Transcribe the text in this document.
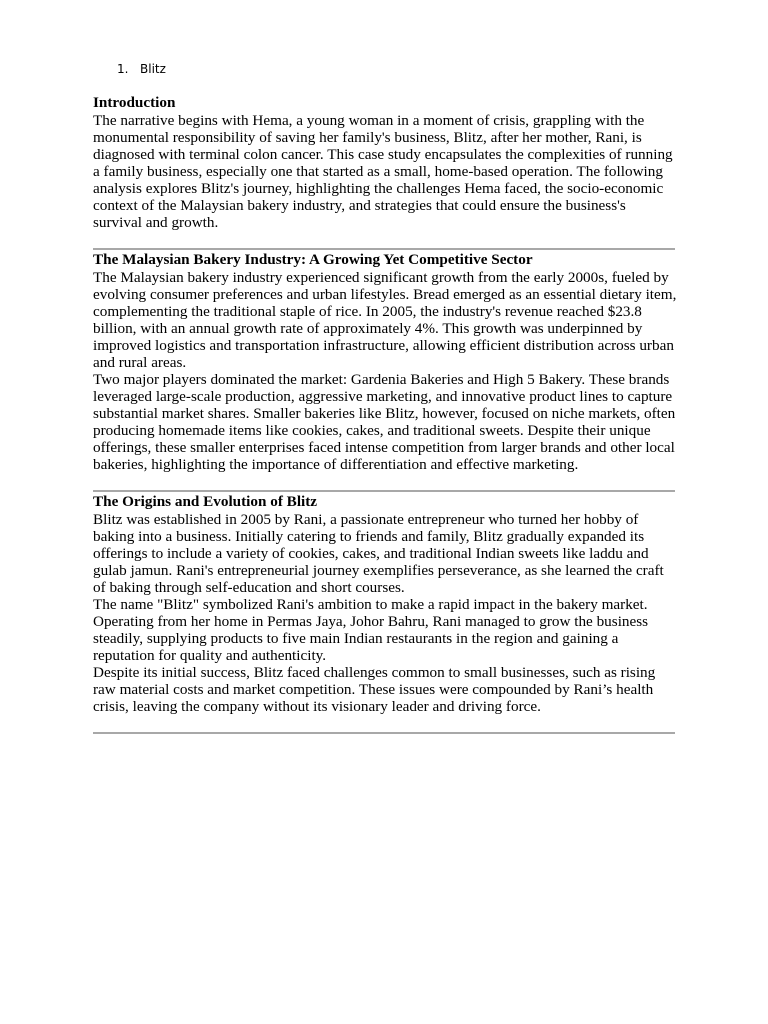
1. Blitz
Introduction

The narrative begins with Hema, a young woman in a moment of crisis, grappling with the monumental responsibility of saving her family's business, Blitz, after her mother, Rani, is diagnosed with terminal colon cancer. This case study encapsulates the complexities of running a family business, especially one that started as a small, home-based operation. The following analysis explores Blitz's journey, highlighting the challenges Hema faced, the socio-economic context of the Malaysian bakery industry, and strategies that could ensure the business's survival and growth.

The Malaysian Bakery Industry: A Growing Yet Competitive Sector

The Malaysian bakery industry experienced significant growth from the early 2000s, fueled by evolving consumer preferences and urban lifestyles. Bread emerged as an essential dietary item, complementing the traditional staple of rice. In 2005, the industry's revenue reached $23.8 billion, with an annual growth rate of approximately 4%. This growth was underpinned by improved logistics and transportation infrastructure, allowing efficient distribution across urban and rural areas.

Two major players dominated the market: Gardenia Bakeries and High 5 Bakery. These brands leveraged large-scale production, aggressive marketing, and innovative product lines to capture substantial market shares. Smaller bakeries like Blitz, however, focused on niche markets, often producing homemade items like cookies, cakes, and traditional sweets. Despite their unique offerings, these smaller enterprises faced intense competition from larger brands and other local bakeries, highlighting the importance of differentiation and effective marketing.

The Origins and Evolution of Blitz

Blitz was established in 2005 by Rani, a passionate entrepreneur who turned her hobby of baking into a business. Initially catering to friends and family, Blitz gradually expanded its offerings to include a variety of cookies, cakes, and traditional Indian sweets like laddu and gulab jamun. Rani's entrepreneurial journey exemplifies perseverance, as she learned the craft of baking through self-education and short courses.

The name "Blitz" symbolized Rani's ambition to make a rapid impact in the bakery market. Operating from her home in Permas Jaya, Johor Bahru, Rani managed to grow the business steadily, supplying products to five main Indian restaurants in the region and gaining a reputation for quality and authenticity.

Despite its initial success, Blitz faced challenges common to small businesses, such as rising raw material costs and market competition. These issues were compounded by Rani’s health crisis, leaving the company without its visionary leader and driving force.
